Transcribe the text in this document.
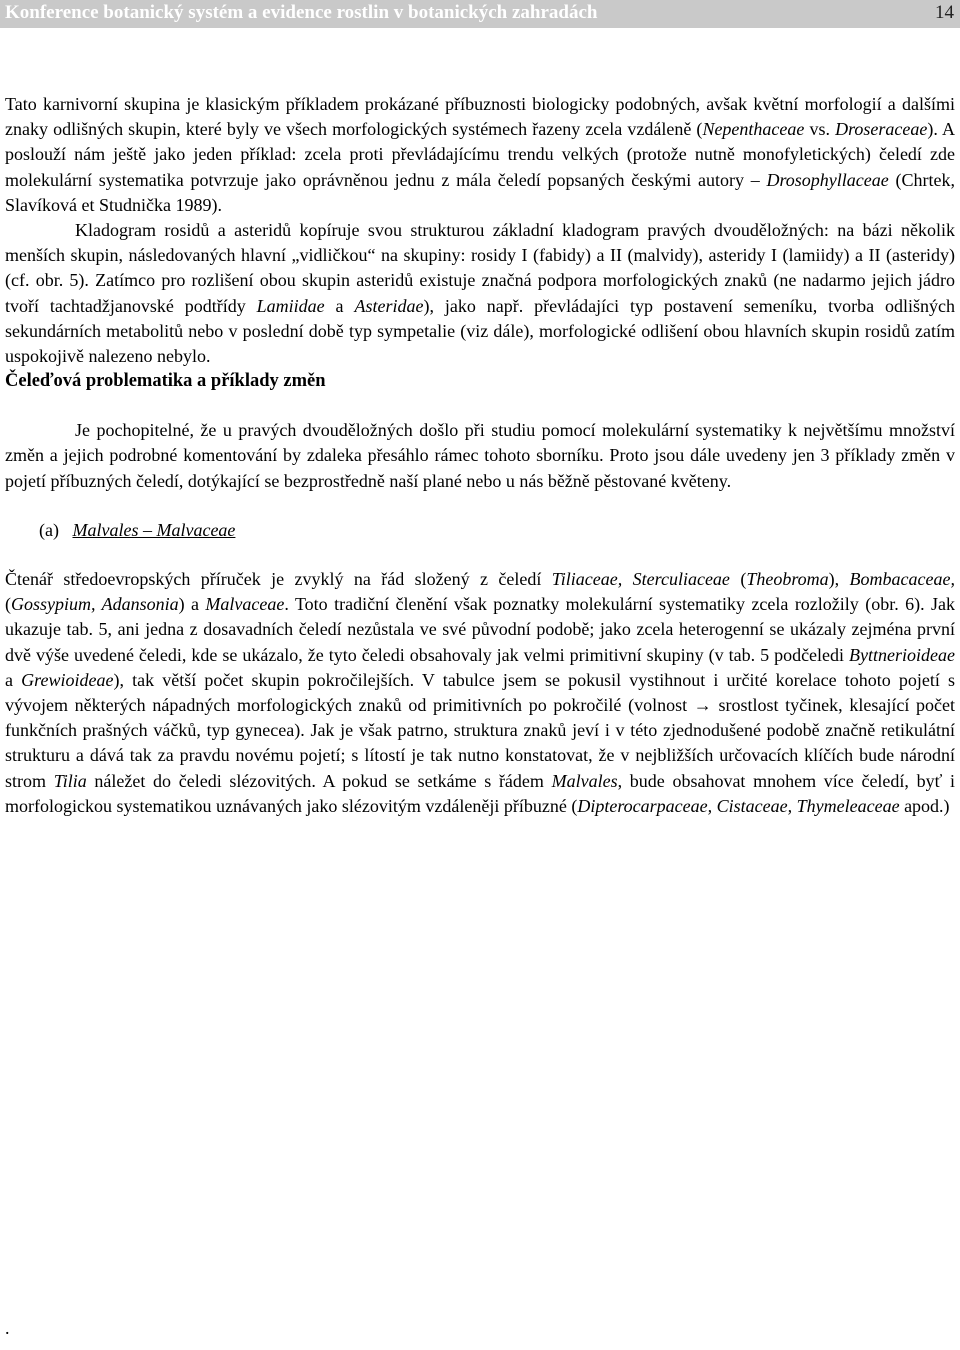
Konference botanický systém a evidence rostlin v botanických zahradách	14

Tato karnivorní skupina je klasickým příkladem prokázané příbuznosti biologicky podobných, avšak květní morfologií a dalšími znaky odlišných skupin, které byly ve všech morfologických systémech řazeny zcela vzdáleně (Nepenthaceae vs. Droseraceae). A poslouží nám ještě jako jeden příklad: zcela proti převládajícímu trendu velkých (protože nutně monofyletických) čeledí zde molekulární systematika potvrzuje jako oprávněnou jednu z mála čeledí popsaných českými autory – Drosophyllaceae (Chrtek, Slavíková et Studnička 1989).

Kladogram rosidů a asteridů kopíruje svou strukturou základní kladogram pravých dvouděložných: na bázi několik menších skupin, následovaných hlavní „vidličkou“ na skupiny: rosidy I (fabidy) a II (malvidy), asteridy I (lamiidy) a II (asteridy) (cf. obr. 5). Zatímco pro rozlišení obou skupin asteridů existuje značná podpora morfologických znaků (ne nadarmo jejich jádro tvoří tachtadžjanovské podtřídy Lamiidae a Asteridae), jako např. převládajíci typ postavení semeníku, tvorba odlišných sekundárních metabolitů nebo v poslední době typ sympetalie (viz dále), morfologické odlišení obou hlavních skupin rosidů zatím uspokojivě nalezeno nebylo.

Čeleďová problematika a příklady změn

Je pochopitelné, že u pravých dvouděložných došlo při studiu pomocí molekulární systematiky k největšímu množství změn a jejich podrobné komentování by zdaleka přesáhlo rámec tohoto sborníku. Proto jsou dále uvedeny jen 3 příklady změn v pojetí příbuzných čeledí, dotýkající se bezprostředně naší plané nebo u nás běžně pěstované květeny.

(a) Malvales – Malvaceae

Čtenář středoevropských příruček je zvyklý na řád složený z čeledí Tiliaceae, Sterculiaceae (Theobroma), Bombacaceae, (Gossypium, Adansonia) a Malvaceae. Toto tradiční členění však poznatky molekulární systematiky zcela rozložily (obr. 6). Jak ukazuje tab. 5, ani jedna z dosavadních čeledí nezůstala ve své původní podobě; jako zcela heterogenní se ukázaly zejména první dvě výše uvedené čeledi, kde se ukázalo, že tyto čeledi obsahovaly jak velmi primitivní skupiny (v tab. 5 podčeledi Byttnerioideae a Grewioideae), tak větší počet skupin pokročilejších. V tabulce jsem se pokusil vystihnout i určité korelace tohoto pojetí s vývojem některých nápadných morfologických znaků od primitivních po pokročilé (volnost → srostlost tyčinek, klesající počet funkčních prašných váčků, typ gynecea). Jak je však patrno, struktura znaků jeví i v této zjednodušené podobě značně retikulátní strukturu a dává tak za pravdu novému pojetí; s lítostí je tak nutno konstatovat, že v nejbližších určovacích klíčích bude národní strom Tilia náležet do čeledi slézovitých. A pokud se setkáme s řádem Malvales, bude obsahovat mnohem více čeledí, byť i morfologickou systematikou uznávaných jako slézovitým vzdáleněji příbuzné (Dipterocarpaceae, Cistaceae, Thymeleaceae apod.)

.
